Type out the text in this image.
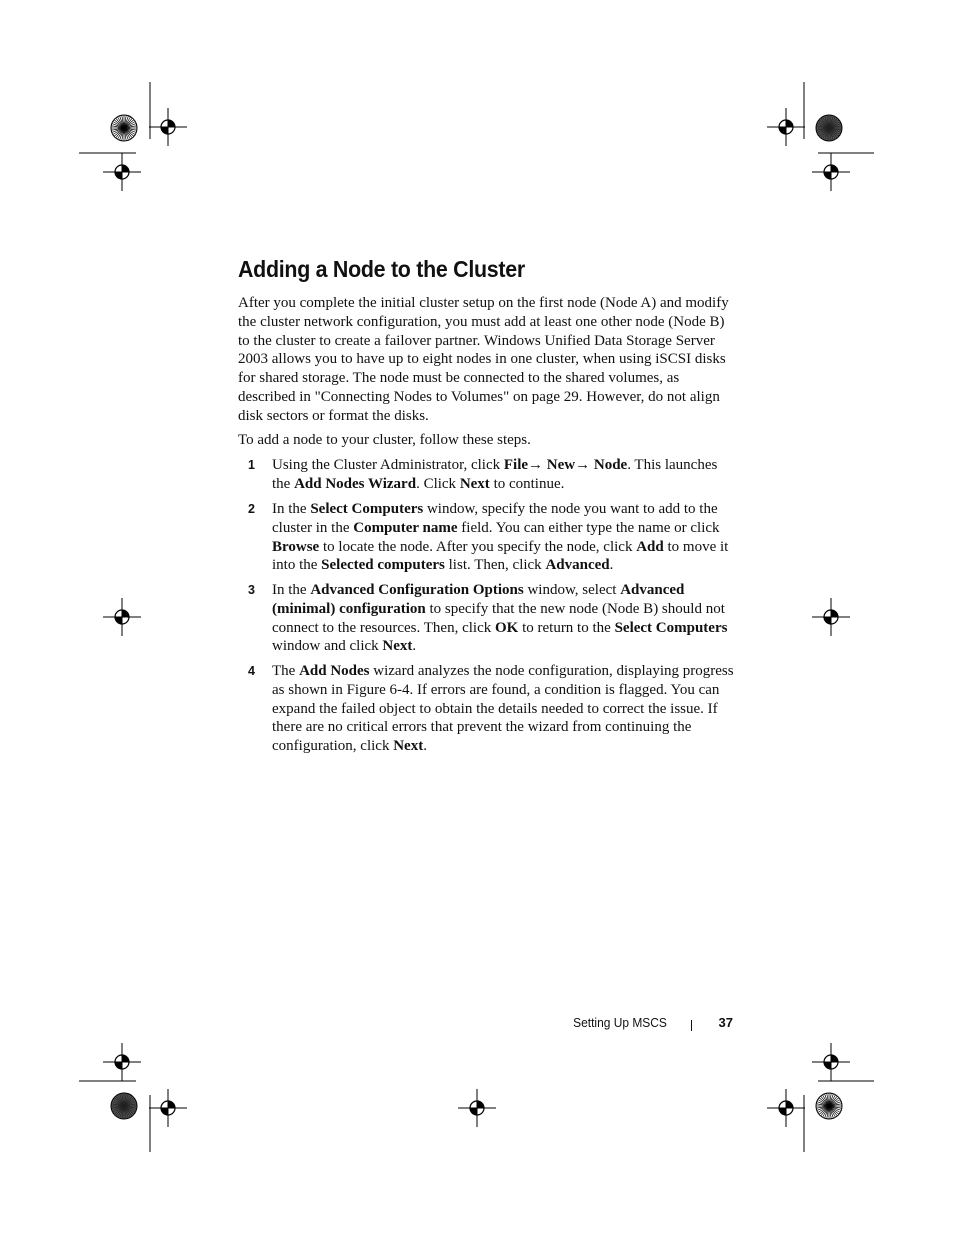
Adding a Node to the Cluster

After you complete the initial cluster setup on the first node (Node A) and modify the cluster network configuration, you must add at least one other node (Node B) to the cluster to create a failover partner. Windows Unified Data Storage Server 2003 allows you to have up to eight nodes in one cluster, when using iSCSI disks for shared storage. The node must be connected to the shared volumes, as described in "Connecting Nodes to Volumes" on page 29. However, do not align disk sectors or format the disks.

To add a node to your cluster, follow these steps.

1 Using the Cluster Administrator, click File→ New→ Node. This launches the Add Nodes Wizard. Click Next to continue.

2 In the Select Computers window, specify the node you want to add to the cluster in the Computer name field. You can either type the name or click Browse to locate the node. After you specify the node, click Add to move it into the Selected computers list. Then, click Advanced.

3 In the Advanced Configuration Options window, select Advanced (minimal) configuration to specify that the new node (Node B) should not connect to the resources. Then, click OK to return to the Select Computers window and click Next.

4 The Add Nodes wizard analyzes the node configuration, displaying progress as shown in Figure 6-4. If errors are found, a condition is flagged. You can expand the failed object to obtain the details needed to correct the issue. If there are no critical errors that prevent the wizard from continuing the configuration, click Next.

Setting Up MSCS	37
